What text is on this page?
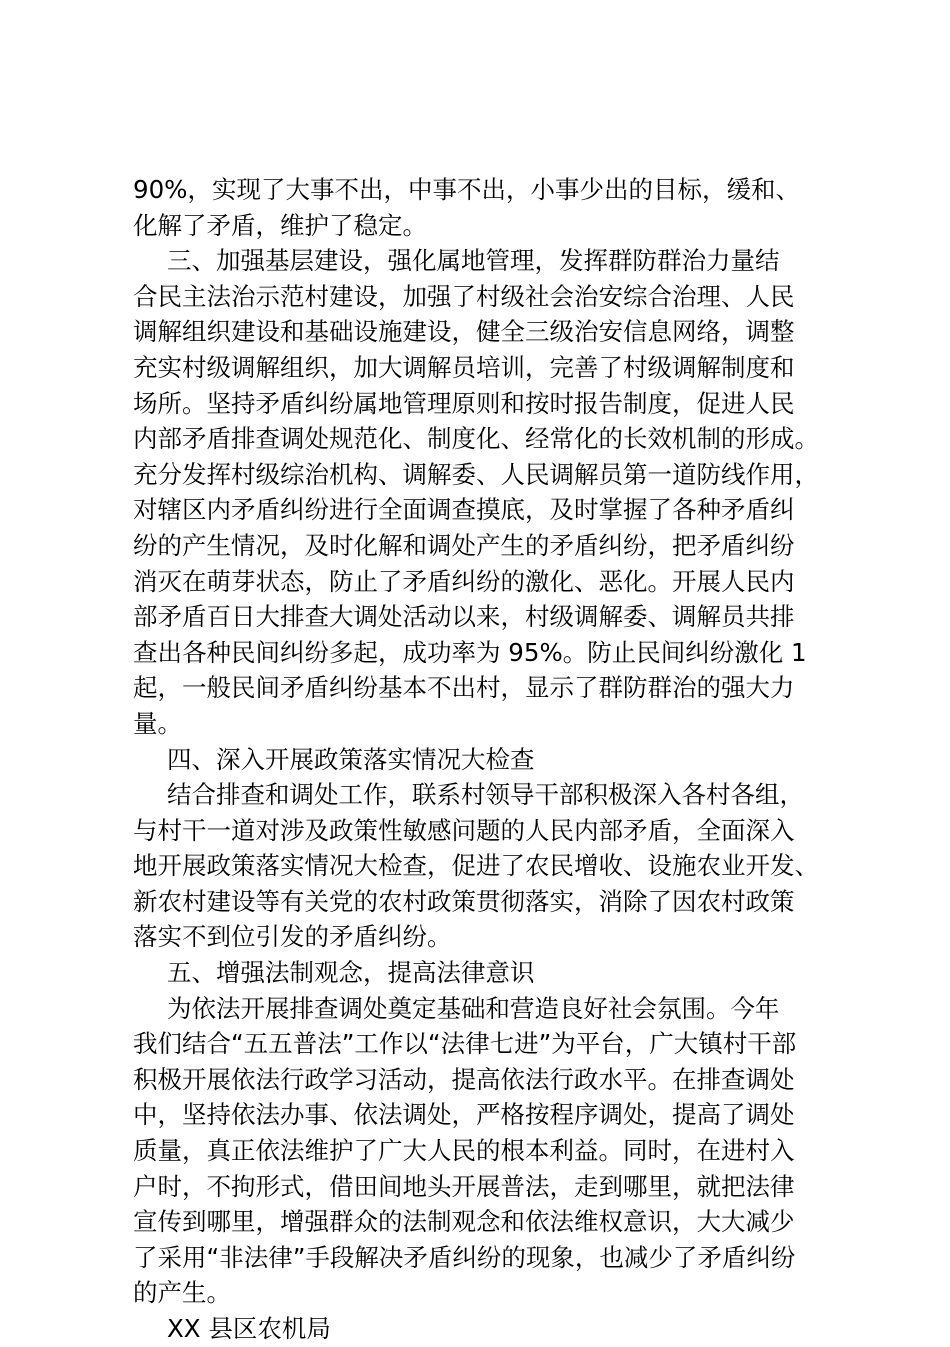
90%，实现了大事不出，中事不出，小事少出的目标，缓和、
化解了矛盾，维护了稳定。
三、加强基层建设，强化属地管理，发挥群防群治力量结
合民主法治示范村建设，加强了村级社会治安综合治理、人民
调解组织建设和基础设施建设，健全三级治安信息网络，调整
充实村级调解组织，加大调解员培训，完善了村级调解制度和
场所。坚持矛盾纠纷属地管理原则和按时报告制度，促进人民
内部矛盾排查调处规范化、制度化、经常化的长效机制的形成。
充分发挥村级综治机构、调解委、人民调解员第一道防线作用，
对辖区内矛盾纠纷进行全面调查摸底，及时掌握了各种矛盾纠
纷的产生情况，及时化解和调处产生的矛盾纠纷，把矛盾纠纷
消灭在萌芽状态，防止了矛盾纠纷的激化、恶化。开展人民内
部矛盾百日大排查大调处活动以来，村级调解委、调解员共排
查出各种民间纠纷多起，成功率为 95%。防止民间纠纷激化 1
起，一般民间矛盾纠纷基本不出村，显示了群防群治的强大力
量。
四、深入开展政策落实情况大检查
结合排查和调处工作，联系村领导干部积极深入各村各组，
与村干一道对涉及政策性敏感问题的人民内部矛盾，全面深入
地开展政策落实情况大检查，促进了农民增收、设施农业开发、
新农村建设等有关党的农村政策贯彻落实，消除了因农村政策
落实不到位引发的矛盾纠纷。
五、增强法制观念，提高法律意识
为依法开展排查调处奠定基础和营造良好社会氛围。今年
我们结合“五五普法”工作以“法律七进”为平台，广大镇村干部
积极开展依法行政学习活动，提高依法行政水平。在排查调处
中，坚持依法办事、依法调处，严格按程序调处，提高了调处
质量，真正依法维护了广大人民的根本利益。同时，在进村入
户时，不拘形式，借田间地头开展普法，走到哪里，就把法律
宣传到哪里，增强群众的法制观念和依法维权意识，大大减少
了采用“非法律”手段解决矛盾纠纷的现象，也减少了矛盾纠纷
的产生。
XX 县区农机局
